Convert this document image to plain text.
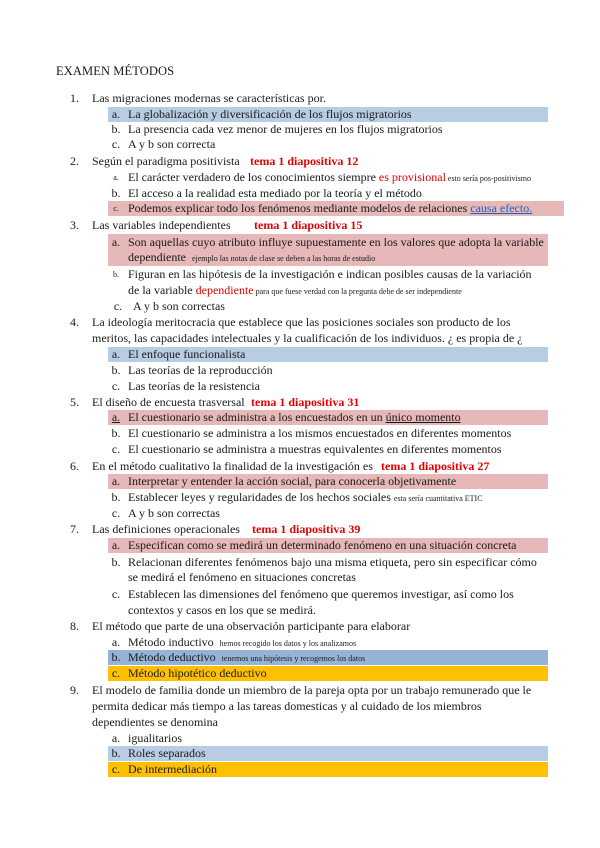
EXAMEN MÉTODOS
1. Las migraciones modernas se características por.
a. La globalización y diversificación de los flujos migratorios
b. La presencia cada vez menor de mujeres en los flujos migratorios
c. A y b son correcta
2. Según el paradigma positivista tema 1 diapositiva 12
a. El carácter verdadero de los conocimientos siempre es provisional esto sería pos-positivismo
b. El acceso a la realidad esta mediado por la teoría y el método
c. Podemos explicar todo los fenómenos mediante modelos de relaciones causa efecto.
3. Las variables independientes tema 1 diapositiva 15
a. Son aquellas cuyo atributo influye supuestamente en los valores que adopta la variable
dependiente ejemplo las notas de clase se deben a las horas de estudio
b. Figuran en las hipótesis de la investigación e indican posibles causas de la variación
de la variable dependiente para que fuese verdad con la pregunta debe de ser independiente
c. A y b son correctas
4. La ideología meritocracia que establece que las posiciones sociales son producto de los
meritos, las capacidades intelectuales y la cualificación de los individuos. ¿ es propia de ¿
a. El enfoque funcionalista
b. Las teorías de la reproducción
c. Las teorías de la resistencia
5. El diseño de encuesta trasversal tema 1 diapositiva 31
a. El cuestionario se administra a los encuestados en un único momento
b. El cuestionario se administra a los mismos encuestados en diferentes momentos
c. El cuestionario se administra a muestras equivalentes en diferentes momentos
6. En el método cualitativo la finalidad de la investigación es tema 1 diapositiva 27
a. Interpretar y entender la acción social, para conocerla objetivamente
b. Establecer leyes y regularidades de los hechos sociales esta sería cuantitativa ETIC
c. A y b son correctas
7. Las definiciones operacionales tema 1 diapositiva 39
a. Especifican como se medirá un determinado fenómeno en una situación concreta
b. Relacionan diferentes fenómenos bajo una misma etiqueta, pero sin especificar cómo
se medirá el fenómeno en situaciones concretas
c. Establecen las dimensiones del fenómeno que queremos investigar, así como los
contextos y casos en los que se medirá.
8. El método que parte de una observación participante para elaborar
a. Método inductivo hemos recogido los datos y los analizamos
b. Método deductivo tenemos una hipótesis y recogemos los datos
c. Método hipotético deductivo
9. El modelo de familia donde un miembro de la pareja opta por un trabajo remunerado que le
permita dedicar más tiempo a las tareas domesticas y al cuidado de los miembros
dependientes se denomina
a. igualitarios
b. Roles separados
c. De intermediación
